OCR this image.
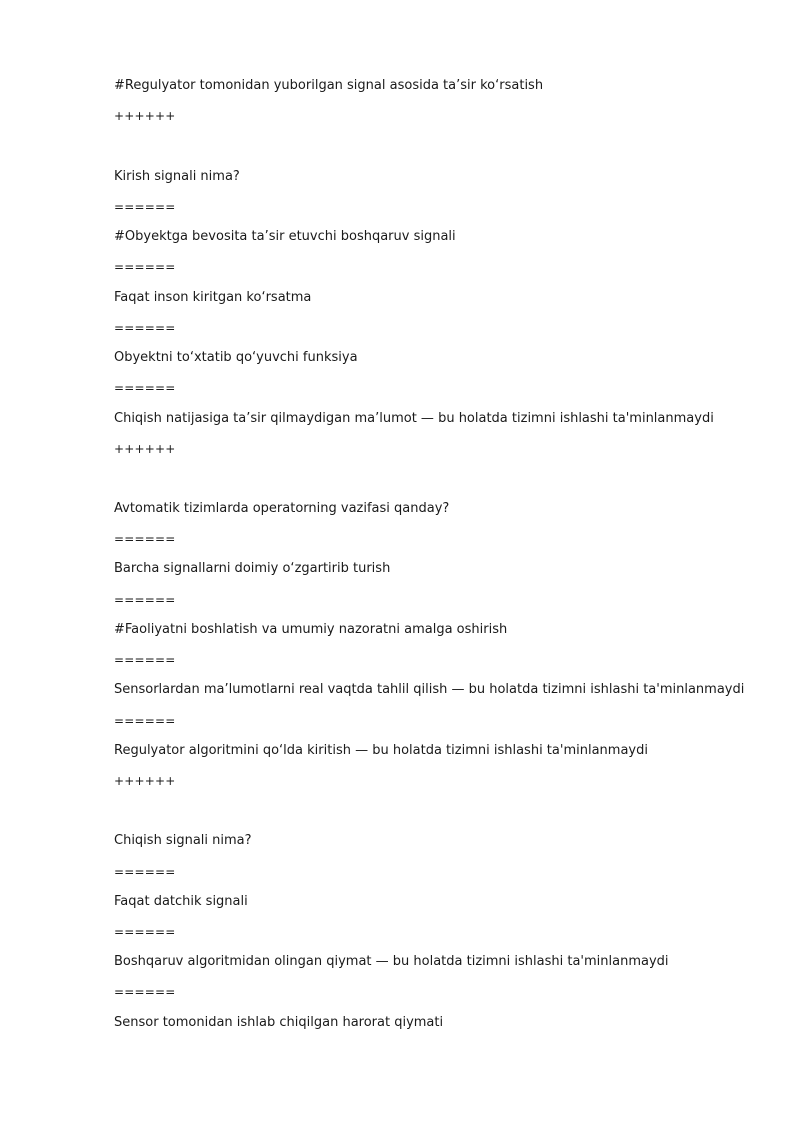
#Regulyator tomonidan yuborilgan signal asosida ta’sir ko‘rsatish
++++++
Kirish signali nima?
======
#Obyektga bevosita ta’sir etuvchi boshqaruv signali
======
Faqat inson kiritgan ko‘rsatma
======
Obyektni to‘xtatib qo‘yuvchi funksiya
======
Chiqish natijasiga ta’sir qilmaydigan ma’lumot — bu holatda tizimni ishlashi ta'minlanmaydi
++++++
Avtomatik tizimlarda operatorning vazifasi qanday?
======
Barcha signallarni doimiy o‘zgartirib turish
======
#Faoliyatni boshlatish va umumiy nazoratni amalga oshirish
======
Sensorlardan ma’lumotlarni real vaqtda tahlil qilish — bu holatda tizimni ishlashi ta'minlanmaydi
======
Regulyator algoritmini qo‘lda kiritish — bu holatda tizimni ishlashi ta'minlanmaydi
++++++
Chiqish signali nima?
======
Faqat datchik signali
======
Boshqaruv algoritmidan olingan qiymat — bu holatda tizimni ishlashi ta'minlanmaydi
======
Sensor tomonidan ishlab chiqilgan harorat qiymati
